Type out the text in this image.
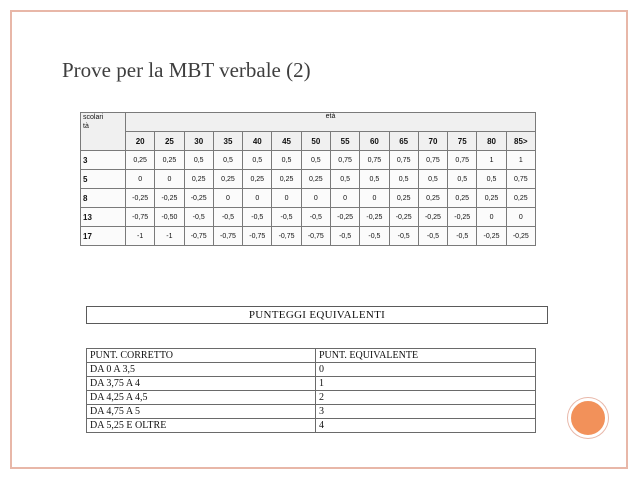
Prove per la MBT verbale (2)
scolari
tà	età													
	20	25	30	35	40	45	50	55	60	65	70	75	80	85>
3	0,25	0,25	0,5	0,5	0,5	0,5	0,5	0,75	0,75	0,75	0,75	0,75	1	1
5	0	0	0,25	0,25	0,25	0,25	0,25	0,5	0,5	0,5	0,5	0,5	0,5	0,75
8	-0,25	-0,25	-0,25	0	0	0	0	0	0	0,25	0,25	0,25	0,25	0,25
13	-0,75	-0,50	-0,5	-0,5	-0,5	-0,5	-0,5	-0,25	-0,25	-0,25	-0,25	-0,25	0	0
17	-1	-1	-0,75	-0,75	-0,75	-0,75	-0,75	-0,5	-0,5	-0,5	-0,5	-0,5	-0,25	-0,25
PUNTEGGI EQUIVALENTI
PUNT. CORRETTO	PUNT. EQUIVALENTE
DA 0 A 3,5	0
DA 3,75 A 4	1
DA 4,25 A 4,5	2
DA 4,75 A 5	3
DA 5,25 E OLTRE	4
